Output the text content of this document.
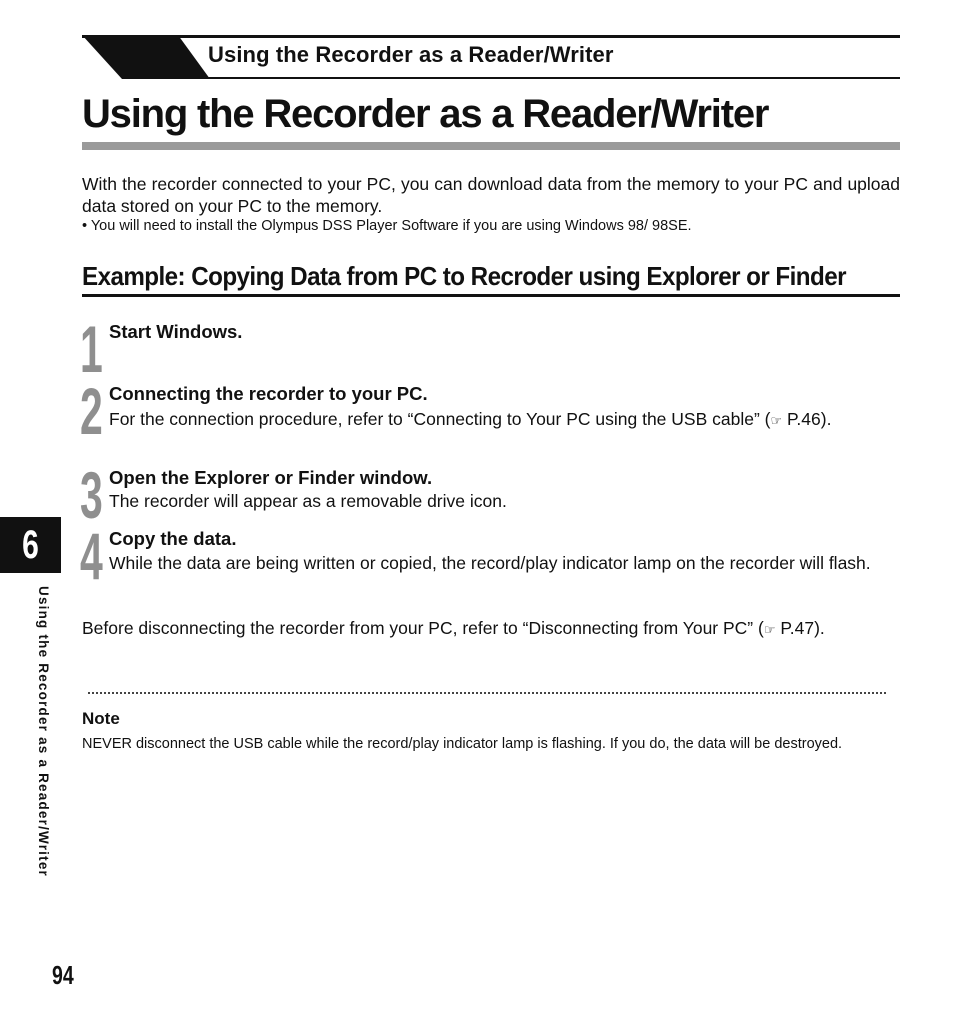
Using the Recorder as a Reader/Writer
Using the Recorder as a Reader/Writer
With the recorder connected to your PC, you can download data from the memory to your PC and upload data stored on your PC to the memory.
• You will need to install the Olympus DSS Player Software if you are using Windows 98/ 98SE.
Example: Copying Data from PC to Recroder using Explorer or Finder
1 Start Windows.
2 Connecting the recorder to your PC.
For the connection procedure, refer to “Connecting to Your PC using the USB cable” (☞ P.46).
3 Open the Explorer or Finder window.
The recorder will appear as a removable drive icon.
4 Copy the data.
While the data are being written or copied, the record/play indicator lamp on the recorder will flash.
Before disconnecting the recorder from your PC, refer to “Disconnecting from Your PC” (☞ P.47).
Note
NEVER disconnect the USB cable while the record/play indicator lamp is flashing. If you do, the data will be destroyed.
6
Using the Recorder as a Reader/Writer
94
